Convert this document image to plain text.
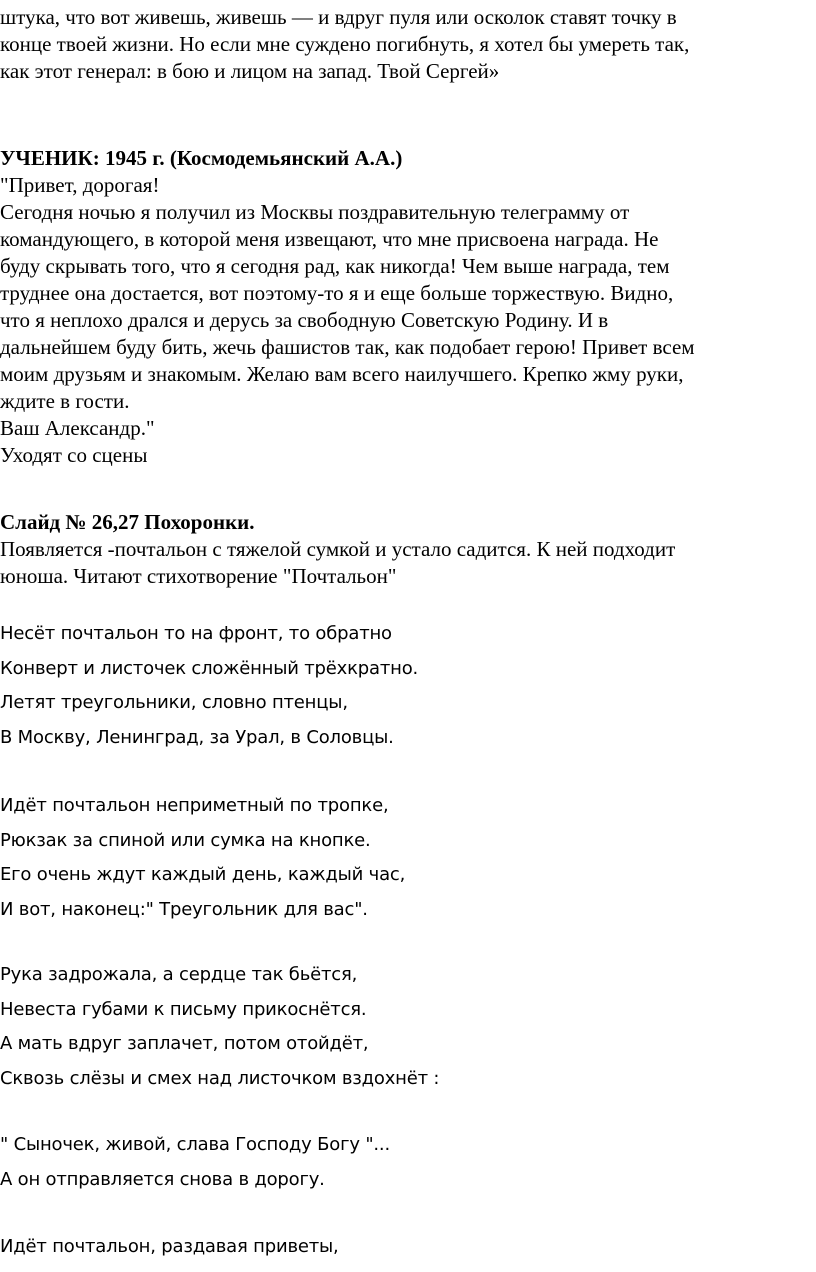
штука, что вот живешь, живешь — и вдруг пуля или осколок ставят точку в
конце твоей жизни. Но если мне суждено погибнуть, я хотел бы умереть так,
как этот генерал: в бою и лицом на запад. Твой Сергей»
УЧЕНИК: 1945 г. (Космодемьянский А.А.)
"Привет, дорогая!
Сегодня ночью я получил из Москвы поздравительную телеграмму от
командующего, в которой меня извещают, что мне присвоена награда. Не
буду скрывать того, что я сегодня рад, как никогда! Чем выше награда, тем
труднее она достается, вот поэтому-то я и еще больше торжествую. Видно,
что я неплохо дрался и дерусь за свободную Советскую Родину. И в
дальнейшем буду бить, жечь фашистов так, как подобает герою! Привет всем
моим друзьям и знакомым. Желаю вам всего наилучшего. Крепко жму руки,
ждите в гости.
Ваш Александр."
Уходят со сцены
Слайд № 26,27 Похоронки.
Появляется -почтальон с тяжелой сумкой и устало садится. К ней подходит
юноша. Читают стихотворение "Почтальон"
Несёт почтальон то на фронт, то обратно
Конверт и листочек сложённый трёхкратно.
Летят треугольники, словно птенцы,
В Москву, Ленинград, за Урал, в Соловцы.
Идёт почтальон неприметный по тропке,
Рюкзак за спиной или сумка на кнопке.
Его очень ждут каждый день, каждый час,
И вот, наконец:" Треугольник для вас".
Рука задрожала, а сердце так бьётся,
Невеста губами к письму прикоснётся.
А мать вдруг заплачет, потом отойдёт,
Сквозь слёзы и смех над листочком вздохнёт :
" Сыночек, живой, слава Господу Богу "...
А он отправляется снова в дорогу.
Идёт почтальон, раздавая приветы,
